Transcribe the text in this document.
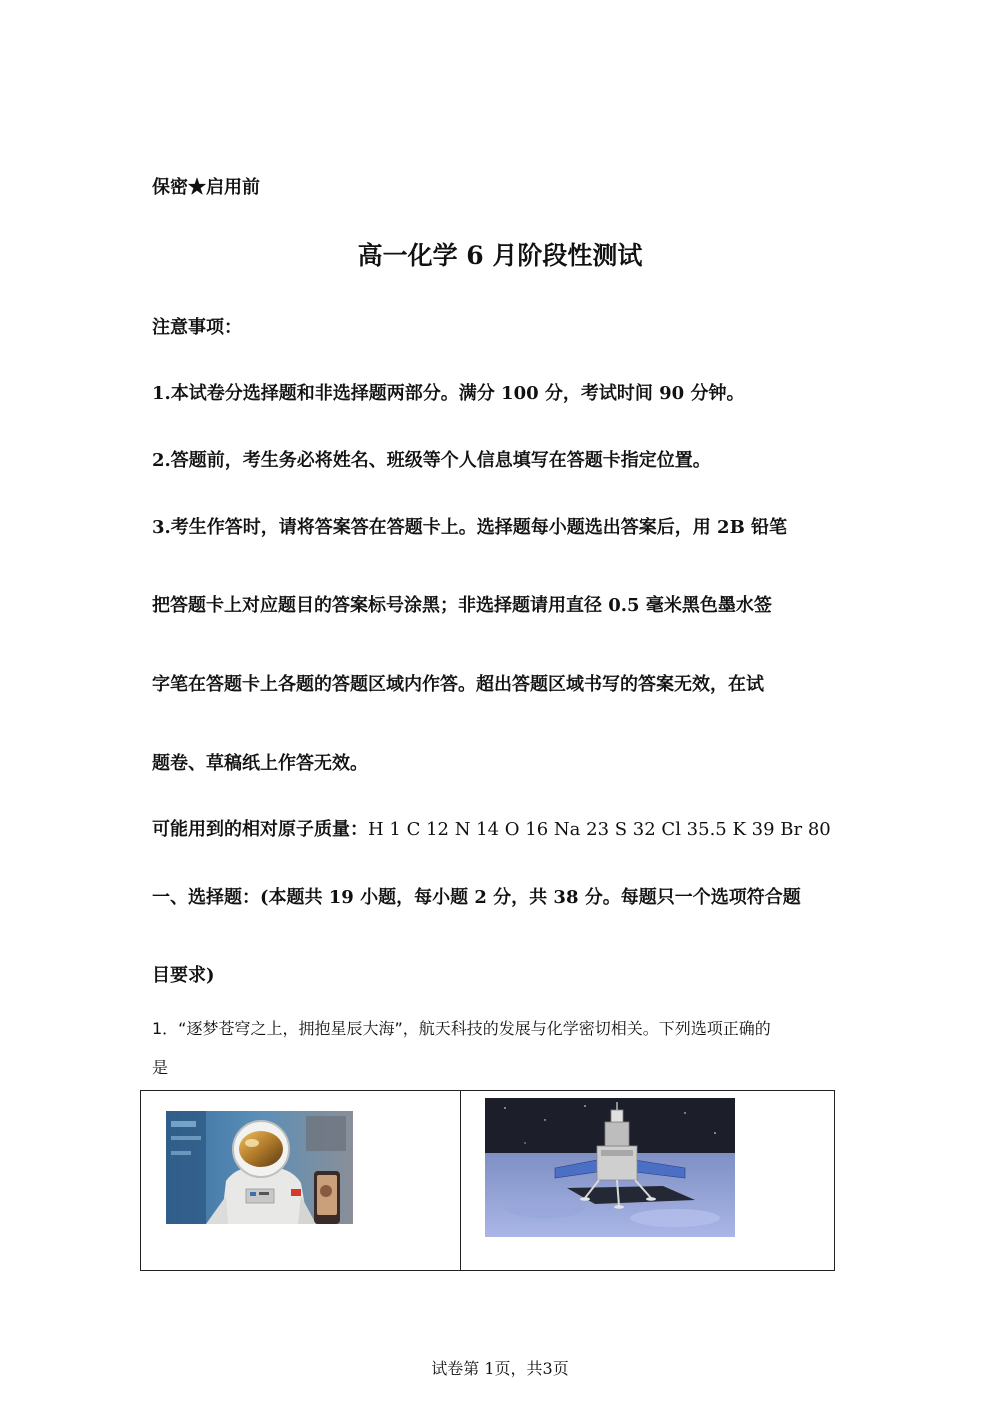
保密★启用前
高一化学 6 月阶段性测试
注意事项：
1.本试卷分选择题和非选择题两部分。满分 100 分，考试时间 90 分钟。
2.答题前，考生务必将姓名、班级等个人信息填写在答题卡指定位置。
3.考生作答时，请将答案答在答题卡上。选择题每小题选出答案后，用 2B 铅笔
把答题卡上对应题目的答案标号涂黑；非选择题请用直径 0.5 毫米黑色墨水签
字笔在答题卡上各题的答题区域内作答。超出答题区域书写的答案无效，在试
题卷、草稿纸上作答无效。
可能用到的相对原子质量：H 1 C 12 N 14 O 16 Na 23 S 32 Cl 35.5 K 39 Br 80
一、选择题：(本题共 19 小题，每小题 2 分，共 38 分。每题只一个选项符合题
目要求)
1．“逐梦苍穹之上，拥抱星辰大海”，航天科技的发展与化学密切相关。下列选项正确的
是
试卷第 1页，共3页
